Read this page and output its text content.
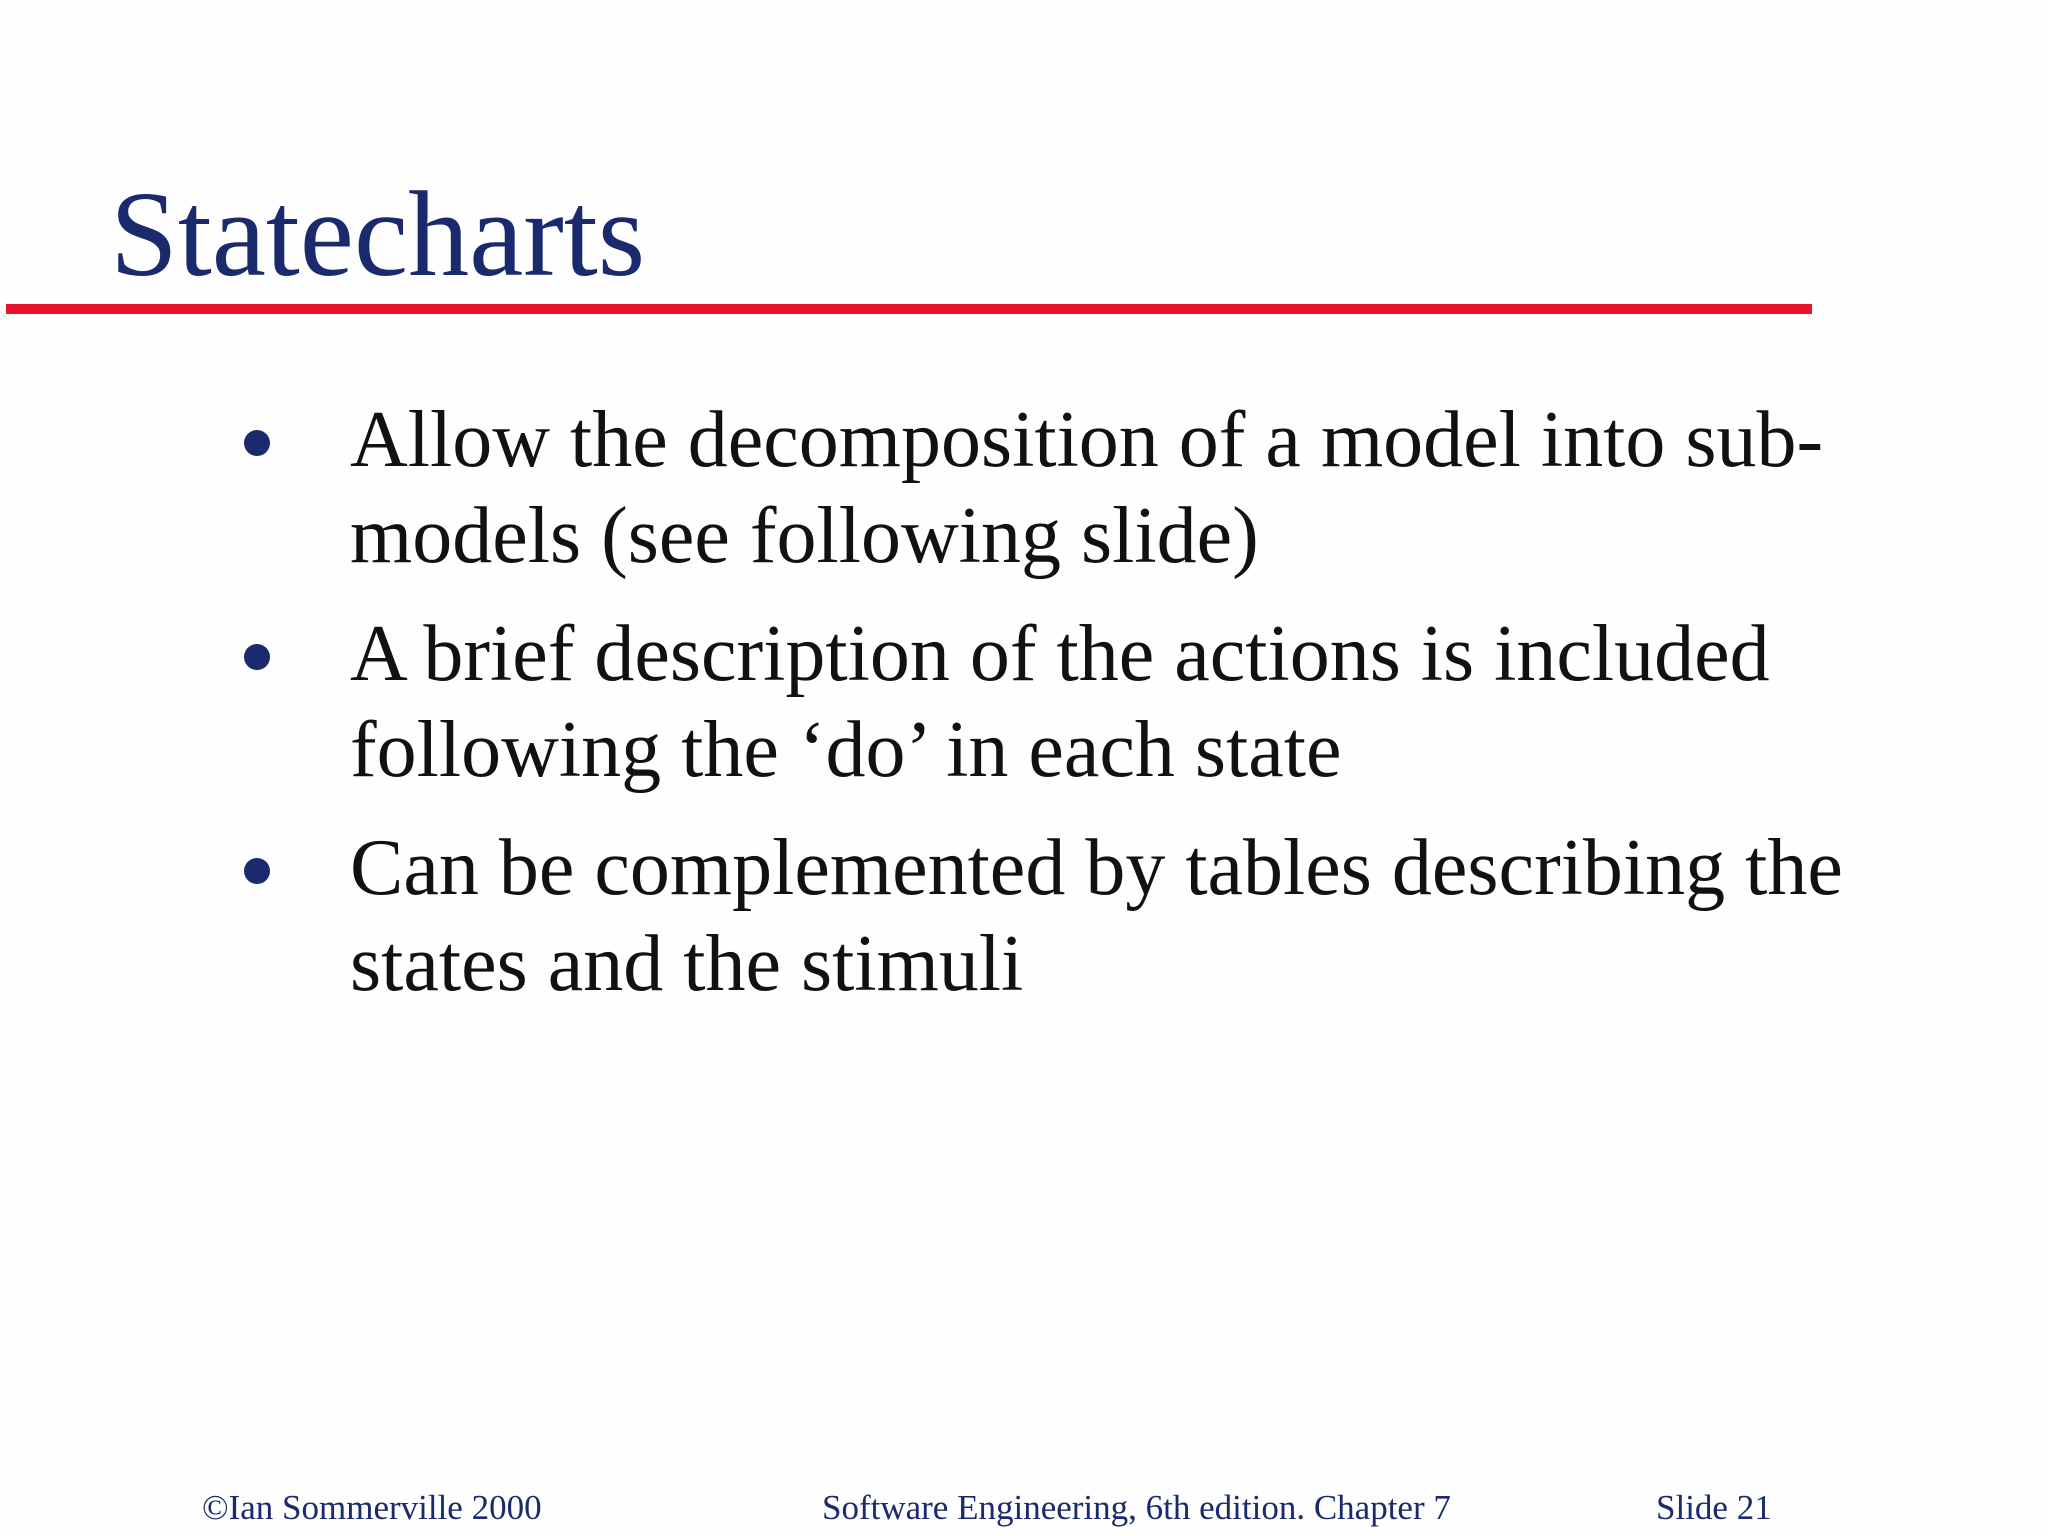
Statecharts
Allow the decomposition of a model into sub-models (see following slide)
A brief description of the actions is included following the ‘do’ in each state
Can be complemented by tables describing the states and the stimuli
©Ian Sommerville 2000	Software Engineering, 6th edition. Chapter 7	Slide 21
